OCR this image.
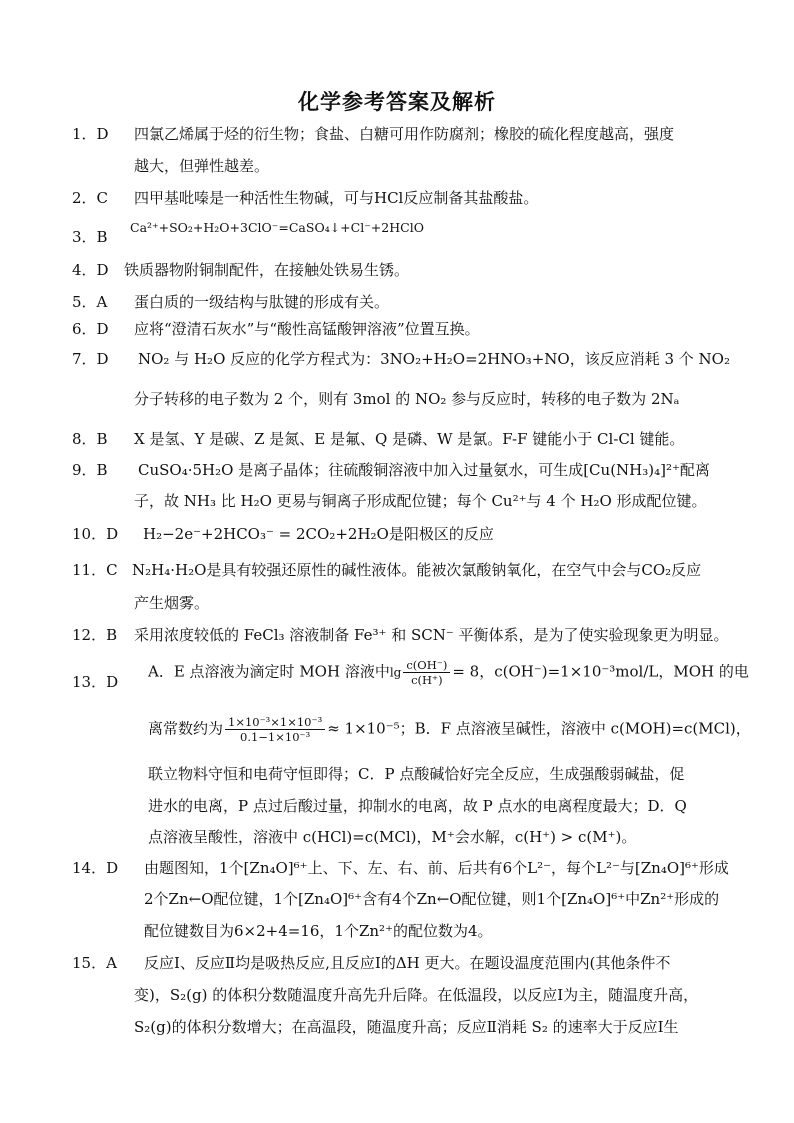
化学参考答案及解析
1．D 四氯乙烯属于烃的衍生物；食盐、白糖可用作防腐剂；橡胶的硫化程度越高，强度
越大，但弹性越差。
2．C 四甲基吡嗪是一种活性生物碱，可与HCl反应制备其盐酸盐。
3．B
Ca²⁺+SO₂+H₂O+3ClO⁻=CaSO₄↓+Cl⁻+2HClO
4．D 铁质器物附铜制配件，在接触处铁易生锈。
5．A 蛋白质的一级结构与肽键的形成有关。
6．D 应将“澄清石灰水”与“酸性高锰酸钾溶液”位置互换。
7．D NO₂ 与 H₂O 反应的化学方程式为：3NO₂+H₂O=2HNO₃+NO，该反应消耗 3 个 NO₂
分子转移的电子数为 2 个，则有 3mol 的 NO₂ 参与反应时，转移的电子数为 2Nₐ
8．B X 是氢、Y 是碳、Z 是氮、E 是氟、Q 是磷、W 是氯。F-F 键能小于 Cl-Cl 键能。
9．B CuSO₄·5H₂O 是离子晶体；往硫酸铜溶液中加入过量氨水，可生成[Cu(NH₃)₄]²⁺配离
子，故 NH₃ 比 H₂O 更易与铜离子形成配位键；每个 Cu²⁺与 4 个 H₂O 形成配位键。
10．D H₂−2e⁻+2HCO₃⁻ = 2CO₂+2H₂O是阳极区的反应
11．C N₂H₄·H₂O是具有较强还原性的碱性液体。能被次氯酸钠氧化，在空气中会与CO₂反应
产生烟雾。
12．B 采用浓度较低的 FeCl₃ 溶液制备 Fe³⁺ 和 SCN⁻ 平衡体系，是为了使实验现象更为明显。
13．D
A．E 点溶液为滴定时 MOH 溶液中$\lg \frac{c(OH^-)}{c(H^+)} = 8$，c(OH⁻)=1×10⁻³mol/L，MOH 的电
离常数约为 $\frac{\text{1×10⁻³×1×10⁻³}}{\text{0.1−1×10⁻³}} \approx 1\times 10^{-5}$；B．F 点溶液呈碱性，溶液中 c(MOH)=c(MCl)，
联立物料守恒和电荷守恒即得；C．P 点酸碱恰好完全反应，生成强酸弱碱盐，促
进水的电离，P 点过后酸过量，抑制水的电离，故 P 点水的电离程度最大；D．Q
点溶液呈酸性，溶液中 c(HCl)=c(MCl)，M⁺会水解，c(H⁺) > c(M⁺)。
14．D 由题图知，1个[Zn₄O]⁶⁺上、下、左、右、前、后共有6个L²⁻，每个L²⁻与[Zn₄O]⁶⁺形成
2个Zn←O配位键，1个[Zn₄O]⁶⁺含有4个Zn←O配位键，则1个[Zn₄O]⁶⁺中Zn²⁺形成的
配位键数目为6×2+4=16，1个Zn²⁺的配位数为4。
15．A 反应Ⅰ、反应Ⅱ均是吸热反应,且反应Ⅰ的ΔH 更大。在题设温度范围内(其他条件不
变)，S₂(g) 的体积分数随温度升高先升后降。在低温段，以反应Ⅰ为主，随温度升高，
S₂(g)的体积分数增大；在高温段，随温度升高；反应Ⅱ消耗 S₂ 的速率大于反应Ⅰ生
